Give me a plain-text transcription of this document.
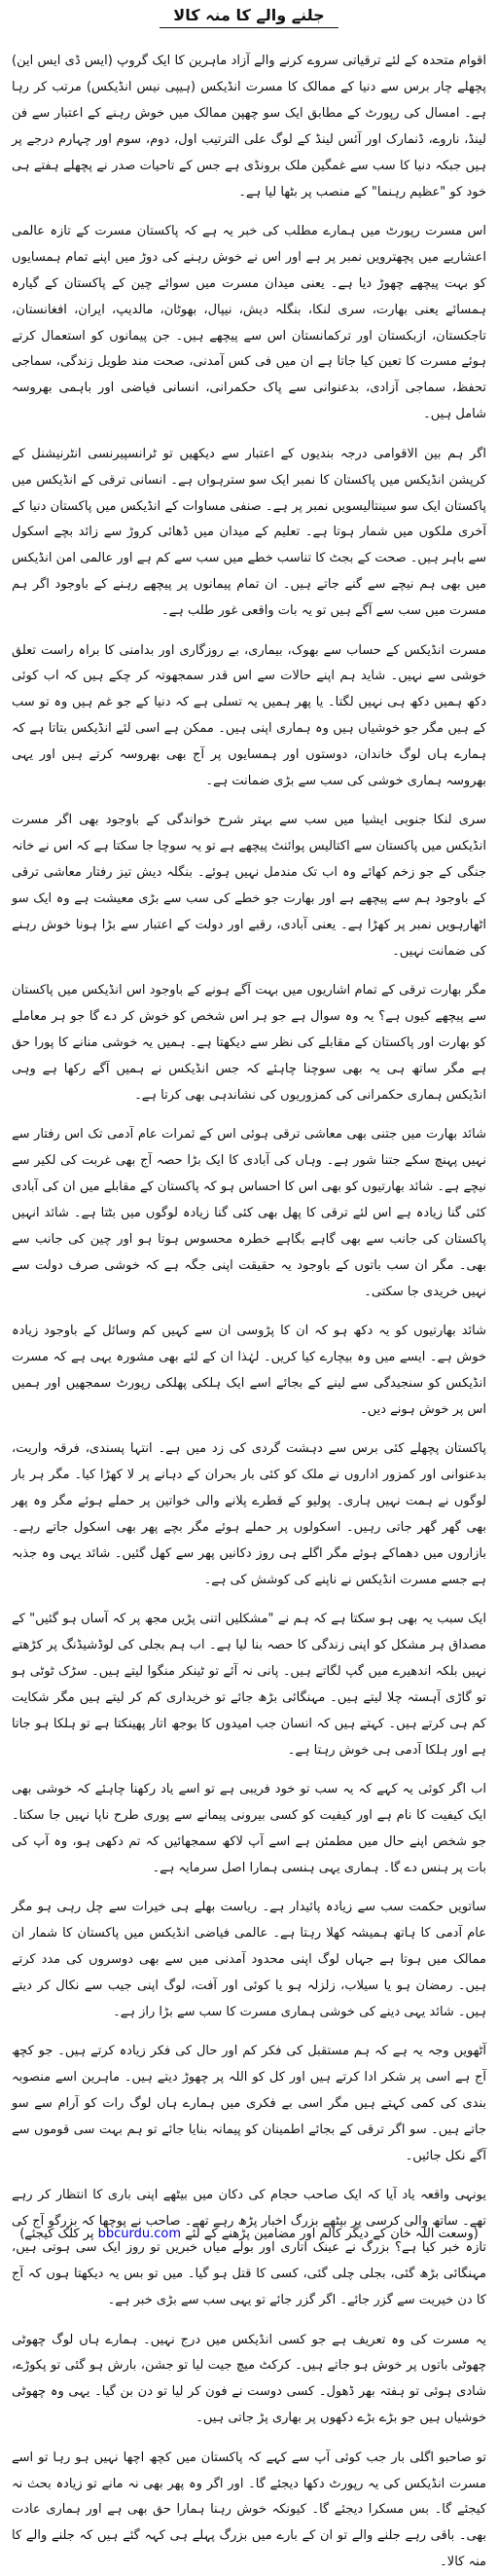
جلنے والے کا منہ کالا

اقوام متحدہ کے لئے ترقیاتی سروے کرنے والے آزاد ماہرین کا ایک گروپ (ایس ڈی ایس این) پچھلے چار برس سے دنیا کے ممالک کا مسرت انڈیکس (ہیپی نیس انڈیکس) مرتب کر رہا ہے۔ امسال کی رپورٹ کے مطابق ایک سو چھپن ممالک میں خوش رہنے کے اعتبار سے فن لینڈ، ناروے، ڈنمارک اور آئس لینڈ کے لوگ علی الترتیب اول، دوم، سوم اور چہارم درجے پر ہیں جبکہ دنیا کا سب سے غمگین ملک برونڈی ہے جس کے تاحیات صدر نے پچھلے ہفتے ہی خود کو "عظیم رہنما" کے منصب پر بٹھا لیا ہے۔

اس مسرت رپورٹ میں ہمارے مطلب کی خبر یہ ہے کہ پاکستان مسرت کے تازہ عالمی اعشاریے میں پچھترویں نمبر پر ہے اور اس نے خوش رہنے کی دوڑ میں اپنے تمام ہمسایوں کو بہت پیچھے چھوڑ دیا ہے۔ یعنی میدان مسرت میں سوائے چین کے پاکستان کے گیارہ ہمسائے یعنی بھارت، سری لنکا، بنگلہ دیش، نیپال، بھوٹان، مالدیپ، ایران، افغانستان، تاجکستان، ازبکستان اور ترکمانستان اس سے پیچھے ہیں۔ جن پیمانوں کو استعمال کرتے ہوئے مسرت کا تعین کیا جاتا ہے ان میں فی کس آمدنی، صحت مند طویل زندگی، سماجی تحفظ، سماجی آزادی، بدعنوانی سے پاک حکمرانی، انسانی فیاضی اور باہمی بھروسہ شامل ہیں۔

اگر ہم بین الاقوامی درجہ بندیوں کے اعتبار سے دیکھیں تو ٹرانسپیرنسی انٹرنیشنل کے کرپشن انڈیکس میں پاکستان کا نمبر ایک سو سترہواں ہے۔ انسانی ترقی کے انڈیکس میں پاکستان ایک سو سینتالیسویں نمبر پر ہے۔ صنفی مساوات کے انڈیکس میں پاکستان دنیا کے آخری ملکوں میں شمار ہوتا ہے۔ تعلیم کے میدان میں ڈھائی کروڑ سے زائد بچے اسکول سے باہر ہیں۔ صحت کے بجٹ کا تناسب خطے میں سب سے کم ہے اور عالمی امن انڈیکس میں بھی ہم نیچے سے گنے جاتے ہیں۔ ان تمام پیمانوں پر پیچھے رہنے کے باوجود اگر ہم مسرت میں سب سے آگے ہیں تو یہ بات واقعی غور طلب ہے۔

مسرت انڈیکس کے حساب سے بھوک، بیماری، بے روزگاری اور بدامنی کا براہ راست تعلق خوشی سے نہیں۔ شاید ہم اپنے حالات سے اس قدر سمجھوتہ کر چکے ہیں کہ اب کوئی دکھ ہمیں دکھ ہی نہیں لگتا۔ یا پھر ہمیں یہ تسلی ہے کہ دنیا کے جو غم ہیں وہ تو سب کے ہیں مگر جو خوشیاں ہیں وہ ہماری اپنی ہیں۔ ممکن ہے اسی لئے انڈیکس بتاتا ہے کہ ہمارے ہاں لوگ خاندان، دوستوں اور ہمسایوں پر آج بھی بھروسہ کرتے ہیں اور یہی بھروسہ ہماری خوشی کی سب سے بڑی ضمانت ہے۔

سری لنکا جنوبی ایشیا میں سب سے بہتر شرح خواندگی کے باوجود بھی اگر مسرت انڈیکس میں پاکستان سے اکتالیس پوائنٹ پیچھے ہے تو یہ سوچا جا سکتا ہے کہ اس نے خانہ جنگی کے جو زخم کھائے وہ اب تک مندمل نہیں ہوئے۔ بنگلہ دیش تیز رفتار معاشی ترقی کے باوجود ہم سے پیچھے ہے اور بھارت جو خطے کی سب سے بڑی معیشت ہے وہ ایک سو اٹھارہویں نمبر پر کھڑا ہے۔ یعنی آبادی، رقبے اور دولت کے اعتبار سے بڑا ہونا خوش رہنے کی ضمانت نہیں۔

مگر بھارت ترقی کے تمام اشاریوں میں بہت آگے ہونے کے باوجود اس انڈیکس میں پاکستان سے پیچھے کیوں ہے؟ یہ وہ سوال ہے جو ہر اس شخص کو خوش کر دے گا جو ہر معاملے کو بھارت اور پاکستان کے مقابلے کی نظر سے دیکھتا ہے۔ ہمیں یہ خوشی منانے کا پورا حق ہے مگر ساتھ ہی یہ بھی سوچنا چاہئے کہ جس انڈیکس نے ہمیں آگے رکھا ہے وہی انڈیکس ہماری حکمرانی کی کمزوریوں کی نشاندہی بھی کرتا ہے۔

شائد بھارت میں جتنی بھی معاشی ترقی ہوئی اس کے ثمرات عام آدمی تک اس رفتار سے نہیں پہنچ سکے جتنا شور ہے۔ وہاں کی آبادی کا ایک بڑا حصہ آج بھی غربت کی لکیر سے نیچے ہے۔ شائد بھارتیوں کو بھی اس کا احساس ہو کہ پاکستان کے مقابلے میں ان کی آبادی کئی گنا زیادہ ہے اس لئے ترقی کا پھل بھی کئی گنا زیادہ لوگوں میں بٹتا ہے۔ شائد انہیں پاکستان کی جانب سے بھی گاہے بگاہے خطرہ محسوس ہوتا ہو اور چین کی جانب سے بھی۔ مگر ان سب باتوں کے باوجود یہ حقیقت اپنی جگہ ہے کہ خوشی صرف دولت سے نہیں خریدی جا سکتی۔

شائد بھارتیوں کو یہ دکھ ہو کہ ان کا پڑوسی ان سے کہیں کم وسائل کے باوجود زیادہ خوش ہے۔ ایسے میں وہ بیچارے کیا کریں۔ لہٰذا ان کے لئے بھی مشورہ یہی ہے کہ مسرت انڈیکس کو سنجیدگی سے لینے کے بجائے اسے ایک ہلکی پھلکی رپورٹ سمجھیں اور ہمیں اس پر خوش ہونے دیں۔

پاکستان پچھلے کئی برس سے دہشت گردی کی زد میں ہے۔ انتہا پسندی، فرقہ واریت، بدعنوانی اور کمزور اداروں نے ملک کو کئی بار بحران کے دہانے پر لا کھڑا کیا۔ مگر ہر بار لوگوں نے ہمت نہیں ہاری۔ پولیو کے قطرے پلانے والی خواتین پر حملے ہوئے مگر وہ پھر بھی گھر گھر جاتی رہیں۔ اسکولوں پر حملے ہوئے مگر بچے پھر بھی اسکول جاتے رہے۔ بازاروں میں دھماکے ہوئے مگر اگلے ہی روز دکانیں پھر سے کھل گئیں۔ شائد یہی وہ جذبہ ہے جسے مسرت انڈیکس نے ناپنے کی کوشش کی ہے۔

ایک سبب یہ بھی ہو سکتا ہے کہ ہم نے "مشکلیں اتنی پڑیں مجھ پر کہ آساں ہو گئیں" کے مصداق ہر مشکل کو اپنی زندگی کا حصہ بنا لیا ہے۔ اب ہم بجلی کی لوڈشیڈنگ پر کڑھتے نہیں بلکہ اندھیرے میں گپ لگاتے ہیں۔ پانی نہ آئے تو ٹینکر منگوا لیتے ہیں۔ سڑک ٹوٹی ہو تو گاڑی آہستہ چلا لیتے ہیں۔ مہنگائی بڑھ جائے تو خریداری کم کر لیتے ہیں مگر شکایت کم ہی کرتے ہیں۔ کہتے ہیں کہ انسان جب امیدوں کا بوجھ اتار پھینکتا ہے تو ہلکا ہو جاتا ہے اور ہلکا آدمی ہی خوش رہتا ہے۔

اب اگر کوئی یہ کہے کہ یہ سب تو خود فریبی ہے تو اسے یاد رکھنا چاہئے کہ خوشی بھی ایک کیفیت کا نام ہے اور کیفیت کو کسی بیرونی پیمانے سے پوری طرح ناپا نہیں جا سکتا۔ جو شخص اپنے حال میں مطمئن ہے اسے آپ لاکھ سمجھائیں کہ تم دکھی ہو، وہ آپ کی بات پر ہنس دے گا۔ ہماری یہی ہنسی ہمارا اصل سرمایہ ہے۔

ساتویں حکمت سب سے زیادہ پائیدار ہے۔ ریاست بھلے ہی خیرات سے چل رہی ہو مگر عام آدمی کا ہاتھ ہمیشہ کھلا رہتا ہے۔ عالمی فیاضی انڈیکس میں پاکستان کا شمار ان ممالک میں ہوتا ہے جہاں لوگ اپنی محدود آمدنی میں سے بھی دوسروں کی مدد کرتے ہیں۔ رمضان ہو یا سیلاب، زلزلہ ہو یا کوئی اور آفت، لوگ اپنی جیب سے نکال کر دیتے ہیں۔ شائد یہی دینے کی خوشی ہماری مسرت کا سب سے بڑا راز ہے۔

آٹھویں وجہ یہ ہے کہ ہم مستقبل کی فکر کم اور حال کی فکر زیادہ کرتے ہیں۔ جو کچھ آج ہے اسی پر شکر ادا کرتے ہیں اور کل کو اللہ پر چھوڑ دیتے ہیں۔ ماہرین اسے منصوبہ بندی کی کمی کہتے ہیں مگر اسی بے فکری میں ہمارے ہاں لوگ رات کو آرام سے سو جاتے ہیں۔ سو اگر ترقی کے بجائے اطمینان کو پیمانہ بنایا جائے تو ہم بہت سی قوموں سے آگے نکل جائیں۔

یونہی واقعہ یاد آیا کہ ایک صاحب حجام کی دکان میں بیٹھے اپنی باری کا انتظار کر رہے تھے۔ ساتھ والی کرسی پر بیٹھے بزرگ اخبار پڑھ رہے تھے۔ صاحب نے پوچھا کہ بزرگو آج کی تازہ خبر کیا ہے؟ بزرگ نے عینک اتاری اور بولے میاں خبریں تو روز ایک سی ہوتی ہیں، مہنگائی بڑھ گئی، بجلی چلی گئی، کسی کا قتل ہو گیا۔ میں تو بس یہ دیکھتا ہوں کہ آج کا دن خیریت سے گزر جائے۔ اگر گزر جائے تو یہی سب سے بڑی خبر ہے۔

یہ مسرت کی وہ تعریف ہے جو کسی انڈیکس میں درج نہیں۔ ہمارے ہاں لوگ چھوٹی چھوٹی باتوں پر خوش ہو جاتے ہیں۔ کرکٹ میچ جیت لیا تو جشن، بارش ہو گئی تو پکوڑے، شادی ہوئی تو ہفتہ بھر ڈھول۔ کسی دوست نے فون کر لیا تو دن بن گیا۔ یہی وہ چھوٹی خوشیاں ہیں جو بڑے بڑے دکھوں پر بھاری پڑ جاتی ہیں۔

تو صاحبو اگلی بار جب کوئی آپ سے کہے کہ پاکستان میں کچھ اچھا نہیں ہو رہا تو اسے مسرت انڈیکس کی یہ رپورٹ دکھا دیجئے گا۔ اور اگر وہ پھر بھی نہ مانے تو زیادہ بحث نہ کیجئے گا۔ بس مسکرا دیجئے گا۔ کیونکہ خوش رہنا ہمارا حق بھی ہے اور ہماری عادت بھی۔ باقی رہے جلنے والے تو ان کے بارے میں بزرگ پہلے ہی کہہ گئے ہیں کہ جلنے والے کا منہ کالا۔

(وسعت اللہ خان کے دیگر کالم اور مضامین پڑھنے کے لئے bbcurdu.com پر کلک کیجئے)
